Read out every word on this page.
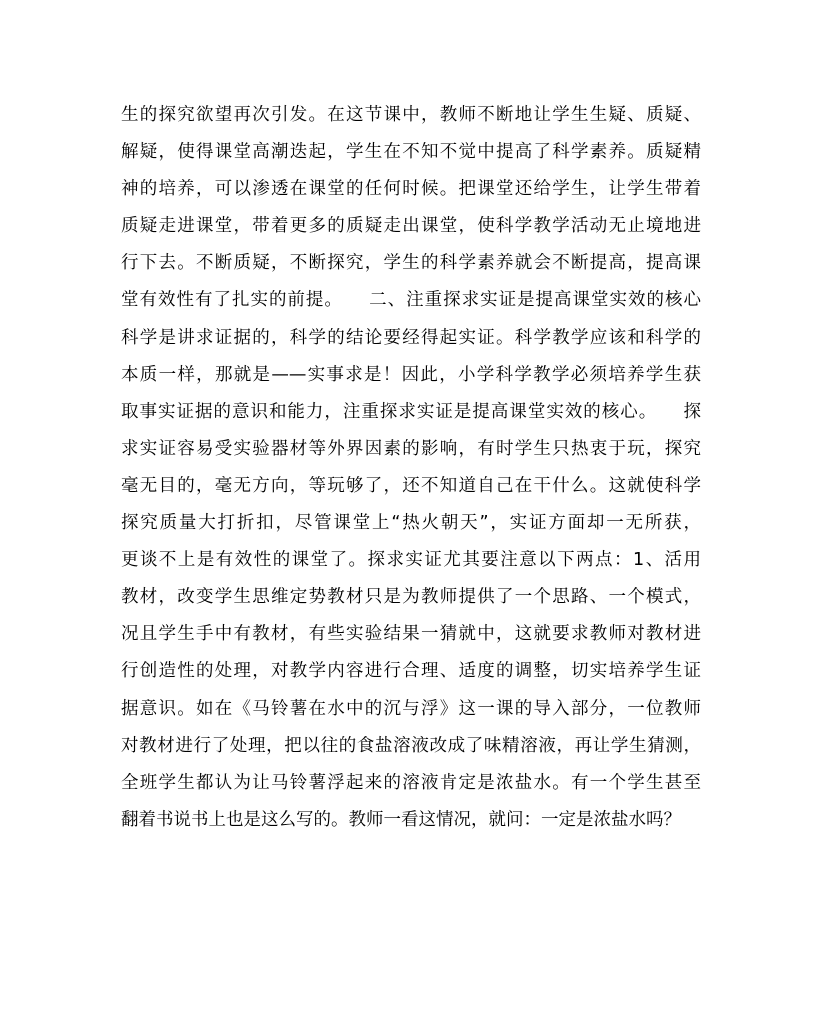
生的探究欲望再次引发。在这节课中，教师不断地让学生生疑、质疑、
解疑，使得课堂高潮迭起，学生在不知不觉中提高了科学素养。质疑精
神的培养，可以渗透在课堂的任何时候。把课堂还给学生，让学生带着
质疑走进课堂，带着更多的质疑走出课堂，使科学教学活动无止境地进
行下去。不断质疑，不断探究，学生的科学素养就会不断提高，提高课
堂有效性有了扎实的前提。    二、注重探求实证是提高课堂实效的核心
科学是讲求证据的，科学的结论要经得起实证。科学教学应该和科学的
本质一样，那就是——实事求是！因此，小学科学教学必须培养学生获
取事实证据的意识和能力，注重探求实证是提高课堂实效的核心。    探
求实证容易受实验器材等外界因素的影响，有时学生只热衷于玩，探究
毫无目的，毫无方向，等玩够了，还不知道自己在干什么。这就使科学
探究质量大打折扣，尽管课堂上“热火朝天”，实证方面却一无所获，
更谈不上是有效性的课堂了。探求实证尤其要注意以下两点：1、活用
教材，改变学生思维定势教材只是为教师提供了一个思路、一个模式，
况且学生手中有教材，有些实验结果一猜就中，这就要求教师对教材进
行创造性的处理，对教学内容进行合理、适度的调整，切实培养学生证
据意识。如在《马铃薯在水中的沉与浮》这一课的导入部分，一位教师
对教材进行了处理，把以往的食盐溶液改成了味精溶液，再让学生猜测，
全班学生都认为让马铃薯浮起来的溶液肯定是浓盐水。有一个学生甚至
翻着书说书上也是这么写的。教师一看这情况，就问：一定是浓盐水吗？
